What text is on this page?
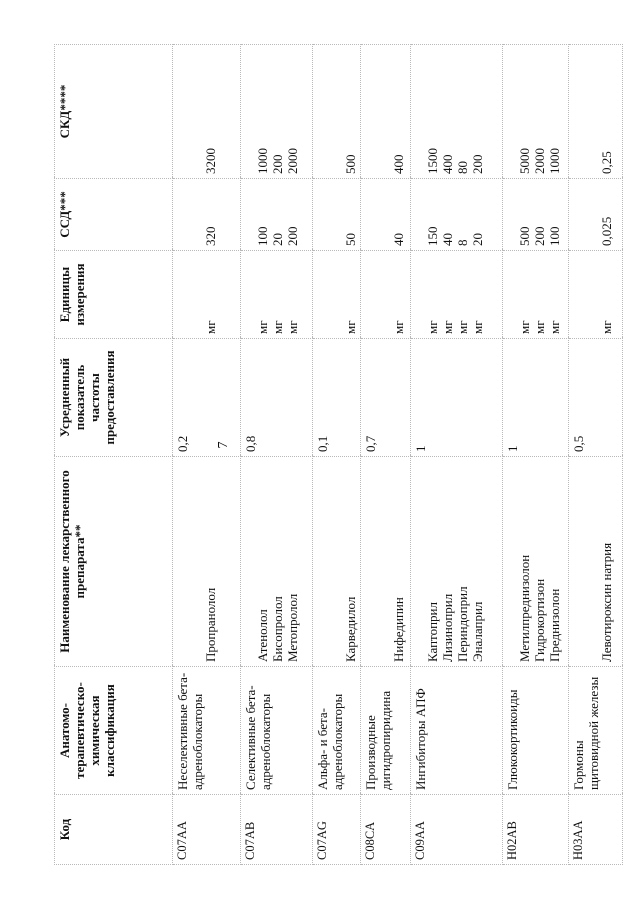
7
Код	Анатомо-терапевтическо-химическая классификация	Наименование лекарственного препарата**	Усредненный показатель частоты предоставления	Единицы измерения	ССД***	СКД****

C07AA	Неселективные бета-адреноблокаторы	Пропранолол	0,2	мг	320	3200

C07AB	Селективные бета-адреноблокаторы	Атенолол Бисопролол Метопролол	0,8	мг мг мг	100 20 200	1000 200 2000

C07AG	Альфа- и бета-адреноблокаторы	Карведилол	0,1	мг	50	500

C08CA	Производные дигидропиридина	Нифедипин	0,7	мг	40	400

C09AA	Ингибиторы АПФ	Каптоприл Лизиноприл Периндоприл Эналаприл	1	мг мг мг мг	150 40 8 20	1500 400 80 200

H02AB	Глюкокортикоиды	Метилпреднизолон Гидрокортизон Преднизолон	1	мг мг мг	500 200 100	5000 2000 1000

H03AA	Гормоны щитовидной железы	Левотироксин натрия	0,5	мг	0,025	0,25
